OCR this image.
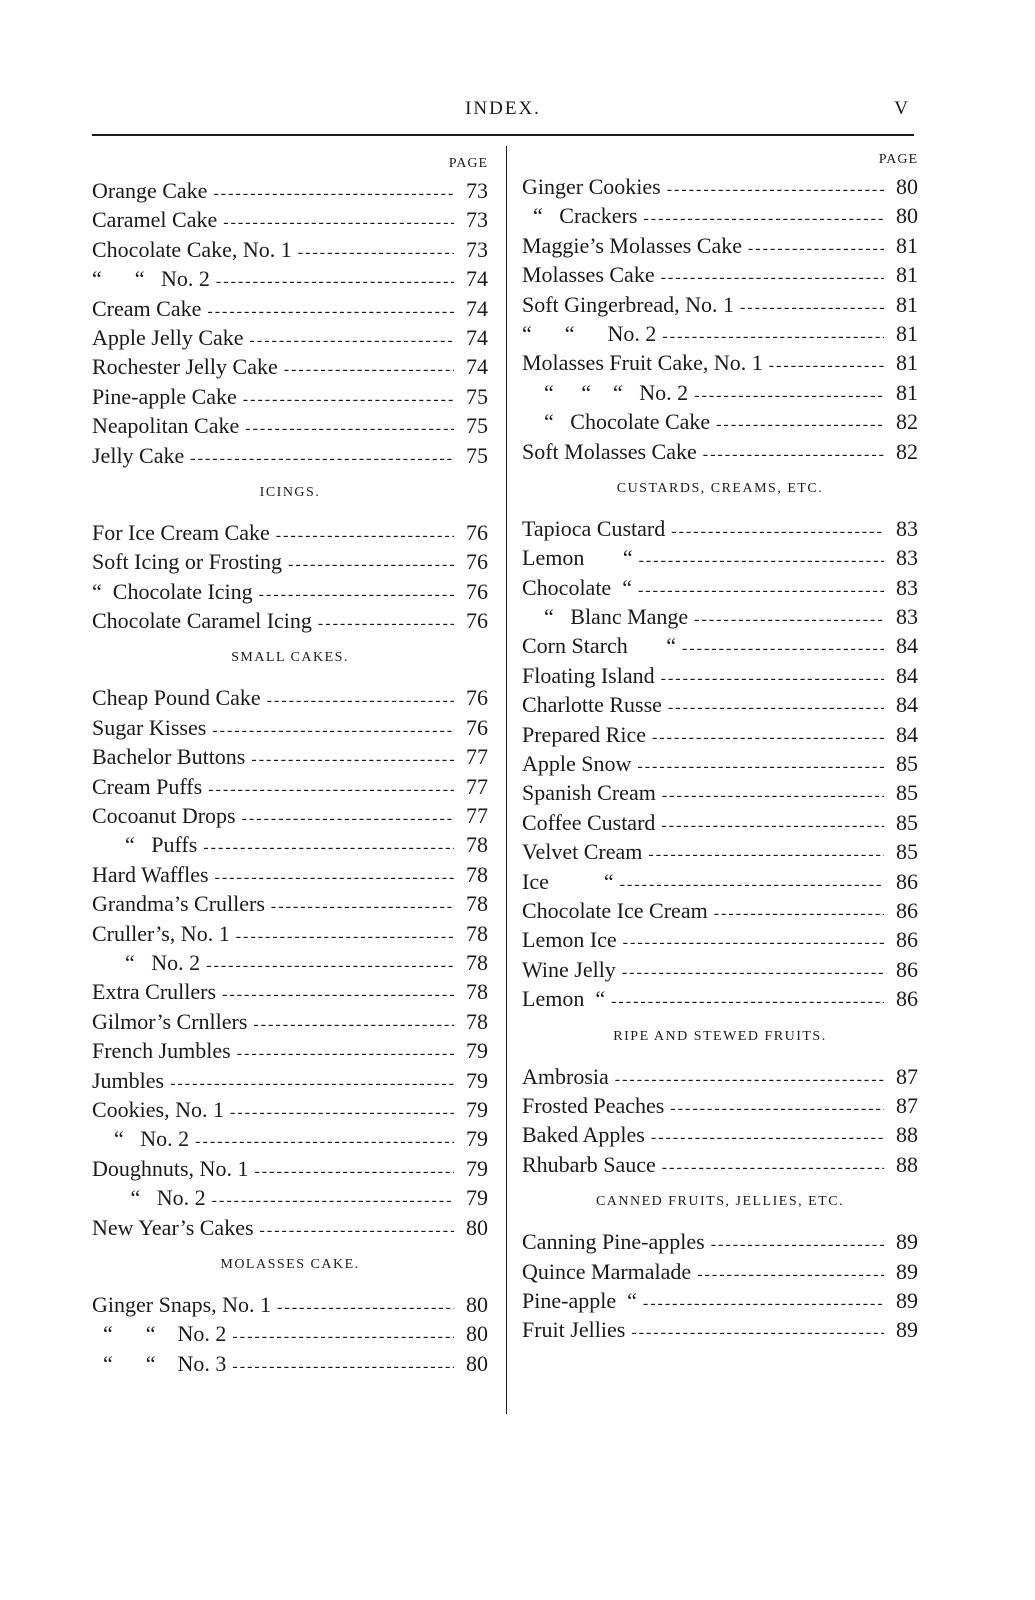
INDEX.	V
PAGE
Orange Cake -----	73
Caramel Cake -----	73
Chocolate Cake, No. 1 -----	73
“      “   No. 2 -----	74
Cream Cake -----	74
Apple Jelly Cake -----	74
Rochester Jelly Cake -----	74
Pine-apple Cake -----	75
Neapolitan Cake -----	75
Jelly Cake -----	75
ICINGS.
For Ice Cream Cake -----	76
Soft Icing or Frosting -----	76
“  Chocolate Icing -----	76
Chocolate Caramel Icing -----	76
SMALL CAKES.
Cheap Pound Cake -----	76
Sugar Kisses -----	76
Bachelor Buttons -----	77
Cream Puffs -----	77
Cocoanut Drops -----	77
“   Puffs -----	78
Hard Waffles -----	78
Grandma’s Crullers -----	78
Cruller’s, No. 1 -----	78
“   No. 2 -----	78
Extra Crullers -----	78
Gilmor’s Crnllers -----	78
French Jumbles -----	79
Jumbles -----	79
Cookies, No. 1 -----	79
“   No. 2 -----	79
Doughnuts, No. 1 -----	79
“   No. 2 -----	79
New Year’s Cakes -----	80
MOLASSES CAKE.
Ginger Snaps, No. 1 -----	80
“      “    No. 2 -----	80
“      “    No. 3 -----	80
PAGE
Ginger Cookies -----	80
“   Crackers -----	80
Maggie’s Molasses Cake -----	81
Molasses Cake -----	81
Soft Gingerbread, No. 1 -----	81
“      “      No. 2 -----	81
Molasses Fruit Cake, No. 1 -----	81
“     “    “   No. 2 -----	81
“   Chocolate Cake -----	82
Soft Molasses Cake -----	82
CUSTARDS, CREAMS, ETC.
Tapioca Custard -----	83
Lemon       “ -----	83
Chocolate  “ -----	83
“   Blanc Mange -----	83
Corn Starch       “ -----	84
Floating Island -----	84
Charlotte Russe -----	84
Prepared Rice -----	84
Apple Snow -----	85
Spanish Cream -----	85
Coffee Custard -----	85
Velvet Cream -----	85
Ice          “ -----	86
Chocolate Ice Cream -----	86
Lemon Ice -----	86
Wine Jelly -----	86
Lemon  “ -----	86
RIPE AND STEWED FRUITS.
Ambrosia -----	87
Frosted Peaches -----	87
Baked Apples -----	88
Rhubarb Sauce -----	88
CANNED FRUITS, JELLIES, ETC.
Canning Pine-apples -----	89
Quince Marmalade -----	89
Pine-apple  “ -----	89
Fruit Jellies -----	89
